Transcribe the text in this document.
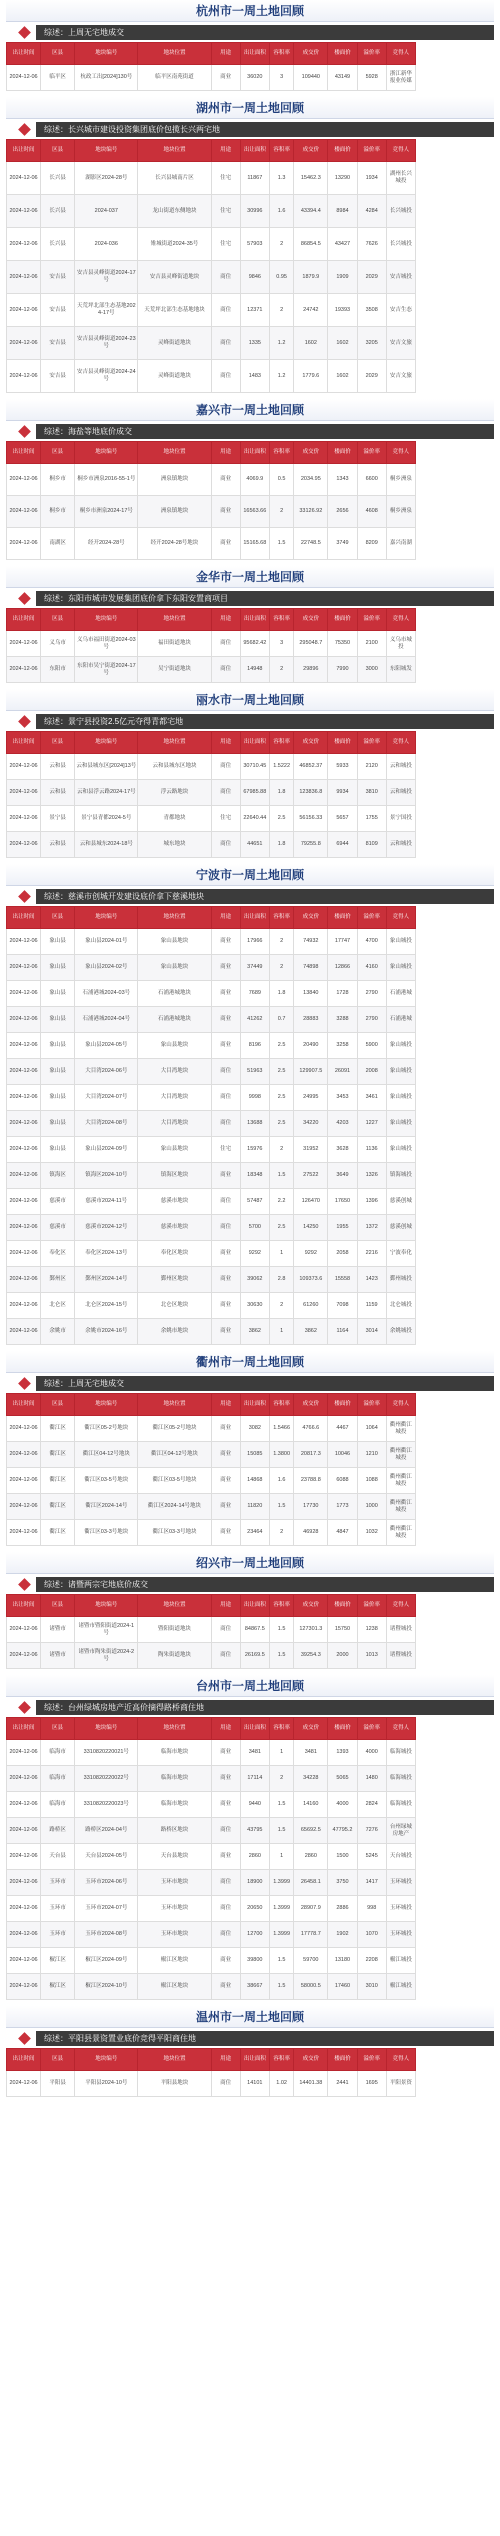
杭州市一周土地回顾
综述：上周无宅地成交
出让时间	区县	地块编号	地块位置	用途	出让面积	容积率	成交价	楼面价	溢价率	竞得人
2024-12-06	临平区	杭政工出[2024]130号	临平区南苑街道	商业	36020	3	109440	43149	5928	浙江新华报业传媒
湖州市一周土地回顾
综述：长兴城市建设投资集团底价包揽长兴两宅地
出让时间	区县	地块编号	地块位置	用途	出让面积	容积率	成交价	楼面价	溢价率	竞得人
2024-12-06	长兴县	湖影区2024-28号	长兴县城南片区	住宅	11867	1.3	15462.3	13290	1934	湖州长兴城投
2024-12-06	长兴县	2024-037	龙山街道东侧地块	住宅	30996	1.6	43394.4	8984	4284	长兴城投
2024-12-06	长兴县	2024-036	雉城街道2024-35号	住宅	57903	2	86854.5	43427	7626	长兴城投
2024-12-06	安吉县	安吉县灵峰街道2024-17号	安吉县灵峰街道地块	商住	9846	0.95	1879.9	1909	2029	安吉城投
2024-12-06	安吉县	天荒坪北部生态基地2024-17号	天荒坪北部生态基地地块	商住	12371	2	24742	19393	3508	安吉生态
2024-12-06	安吉县	安吉县灵峰街道2024-23号	灵峰街道地块	商住	1335	1.2	1602	1602	3205	安吉文旅
2024-12-06	安吉县	安吉县灵峰街道2024-24号	灵峰街道地块	商住	1483	1.2	1779.6	1602	2029	安吉文旅
嘉兴市一周土地回顾
综述：海盐等地底价成交
出让时间	区县	地块编号	地块位置	用途	出让面积	容积率	成交价	楼面价	溢价率	竞得人
2024-12-06	桐乡市	桐乡市洲泉2016-55-1号	洲泉镇地块	商业	4069.9	0.5	2034.95	1343	6600	桐乡洲泉
2024-12-06	桐乡市	桐乡市洲泉2024-17号	洲泉镇地块	商业	16563.66	2	33126.92	2656	4608	桐乡洲泉
2024-12-06	南湖区	经开2024-28号	经开2024-28号地块	商业	15165.68	1.5	22748.5	3749	8209	嘉兴南湖
金华市一周土地回顾
综述：东阳市城市发展集团底价拿下东阳安置商项目
出让时间	区县	地块编号	地块位置	用途	出让面积	容积率	成交价	楼面价	溢价率	竞得人
2024-12-06	义乌市	义乌市福田街道2024-03号	福田街道地块	商住	95682.42	3	295048.7	75350	2100	义乌市城投
2024-12-06	东阳市	东阳市吴宁街道2024-17号	吴宁街道地块	商住	14948	2	29896	7990	3000	东阳城发
丽水市一周土地回顾
综述：景宁县投资2.5亿元夺得青都宅地
出让时间	区县	地块编号	地块位置	用途	出让面积	容积率	成交价	楼面价	溢价率	竞得人
2024-12-06	云和县	云和县城东区[2024]13号	云和县城东区地块	商住	30710.45	1.5222	46852.37	5933	2120	云和城投
2024-12-06	云和县	云和县浮云路2024-17号	浮云路地块	商住	67985.88	1.8	123836.8	9934	3810	云和城投
2024-12-06	景宁县	景宁县青都2024-5号	青都地块	住宅	22640.44	2.5	56156.33	5657	1755	景宁国投
2024-12-06	云和县	云和县城东2024-18号	城东地块	商住	44651	1.8	79255.8	6944	8109	云和城投
宁波市一周土地回顾
综述：慈溪市创城开发建设底价拿下慈溪地块
出让时间	区县	地块编号	地块位置	用途	出让面积	容积率	成交价	楼面价	溢价率	竞得人
2024-12-06	象山县	象山县2024-01号	象山县地块	商业	17966	2	74932	17747	4700	象山城投
2024-12-06	象山县	象山县2024-02号	象山县地块	商业	37449	2	74898	12866	4160	象山城投
2024-12-06	象山县	石浦港城2024-03号	石浦港城地块	商业	7689	1.8	13840	1728	2790	石浦港城
2024-12-06	象山县	石浦港城2024-04号	石浦港城地块	商业	41262	0.7	28883	3288	2790	石浦港城
2024-12-06	象山县	象山县2024-05号	象山县地块	商业	8196	2.5	20490	3258	5900	象山城投
2024-12-06	象山县	大目湾2024-06号	大目湾地块	商住	51963	2.5	129907.5	26091	2008	象山城投
2024-12-06	象山县	大目湾2024-07号	大目湾地块	商住	9998	2.5	24995	3453	3461	象山城投
2024-12-06	象山县	大目湾2024-08号	大目湾地块	商住	13688	2.5	34220	4203	1227	象山城投
2024-12-06	象山县	象山县2024-09号	象山县地块	住宅	15976	2	31952	3628	1136	象山城投
2024-12-06	镇海区	镇海区2024-10号	镇海区地块	商业	18348	1.5	27522	3649	1326	镇海城投
2024-12-06	慈溪市	慈溪市2024-11号	慈溪市地块	商住	57487	2.2	126470	17650	1396	慈溪创城
2024-12-06	慈溪市	慈溪市2024-12号	慈溪市地块	商住	5700	2.5	14250	1955	1372	慈溪创城
2024-12-06	奉化区	奉化区2024-13号	奉化区地块	商业	9292	1	9292	2058	2216	宁波奉化
2024-12-06	鄞州区	鄞州区2024-14号	鄞州区地块	商业	39062	2.8	109373.6	15558	1423	鄞州城投
2024-12-06	北仑区	北仑区2024-15号	北仑区地块	商业	30630	2	61260	7098	1159	北仑城投
2024-12-06	余姚市	余姚市2024-16号	余姚市地块	商业	3862	1	3862	1164	3014	余姚城投
衢州市一周土地回顾
综述：上周无宅地成交
出让时间	区县	地块编号	地块位置	用途	出让面积	容积率	成交价	楼面价	溢价率	竞得人
2024-12-06	衢江区	衢江区05-2号地块	衢江区05-2号地块	商业	3082	1.5466	4766.6	4467	1064	衢州衢江城投
2024-12-06	衢江区	衢江区04-12号地块	衢江区04-12号地块	商业	15085	1.3800	20817.3	10046	1210	衢州衢江城投
2024-12-06	衢江区	衢江区03-5号地块	衢江区03-5号地块	商业	14868	1.6	23788.8	6088	1088	衢州衢江城投
2024-12-06	衢江区	衢江区2024-14号	衢江区2024-14号地块	商业	11820	1.5	17730	1773	1000	衢州衢江城投
2024-12-06	衢江区	衢江区03-3号地块	衢江区03-3号地块	商业	23464	2	46928	4847	1032	衢州衢江城投
绍兴市一周土地回顾
综述：诸暨两宗宅地底价成交
出让时间	区县	地块编号	地块位置	用途	出让面积	容积率	成交价	楼面价	溢价率	竞得人
2024-12-06	诸暨市	诸暨市暨阳街道2024-1号	暨阳街道地块	商住	84867.5	1.5	127301.3	15750	1238	诸暨城投
2024-12-06	诸暨市	诸暨市陶朱街道2024-2号	陶朱街道地块	商住	26169.5	1.5	39254.3	2000	1013	诸暨城投
台州市一周土地回顾
综述：台州绿城房地产近高价摘得路桥商住地
出让时间	区县	地块编号	地块位置	用途	出让面积	容积率	成交价	楼面价	溢价率	竞得人
2024-12-06	临海市	3310820220021号	临海市地块	商业	3481	1	3481	1393	4000	临海城投
2024-12-06	临海市	3310820220022号	临海市地块	商业	17114	2	34228	5065	1480	临海城投
2024-12-06	临海市	3310820220023号	临海市地块	商业	9440	1.5	14160	4000	2824	临海城投
2024-12-06	路桥区	路桥区2024-04号	路桥区地块	商住	43795	1.5	65692.5	47795.2	7276	台州绿城房地产
2024-12-06	天台县	天台县2024-05号	天台县地块	商业	2860	1	2860	1500	5245	天台城投
2024-12-06	玉环市	玉环市2024-06号	玉环市地块	商住	18900	1.3999	26458.1	3750	1417	玉环城投
2024-12-06	玉环市	玉环市2024-07号	玉环市地块	商住	20650	1.3999	28907.9	2886	998	玉环城投
2024-12-06	玉环市	玉环市2024-08号	玉环市地块	商住	12700	1.3999	17778.7	1902	1070	玉环城投
2024-12-06	椒江区	椒江区2024-09号	椒江区地块	商业	39800	1.5	59700	13180	2208	椒江城投
2024-12-06	椒江区	椒江区2024-10号	椒江区地块	商业	38667	1.5	58000.5	17460	3010	椒江城投
温州市一周土地回顾
综述：平阳县景资置业底价竞得平阳商住地
出让时间	区县	地块编号	地块位置	用途	出让面积	容积率	成交价	楼面价	溢价率	竞得人
2024-12-06	平阳县	平阳县2024-10号	平阳县地块	商住	14101	1.02	14401.38	2441	1695	平阳景资
